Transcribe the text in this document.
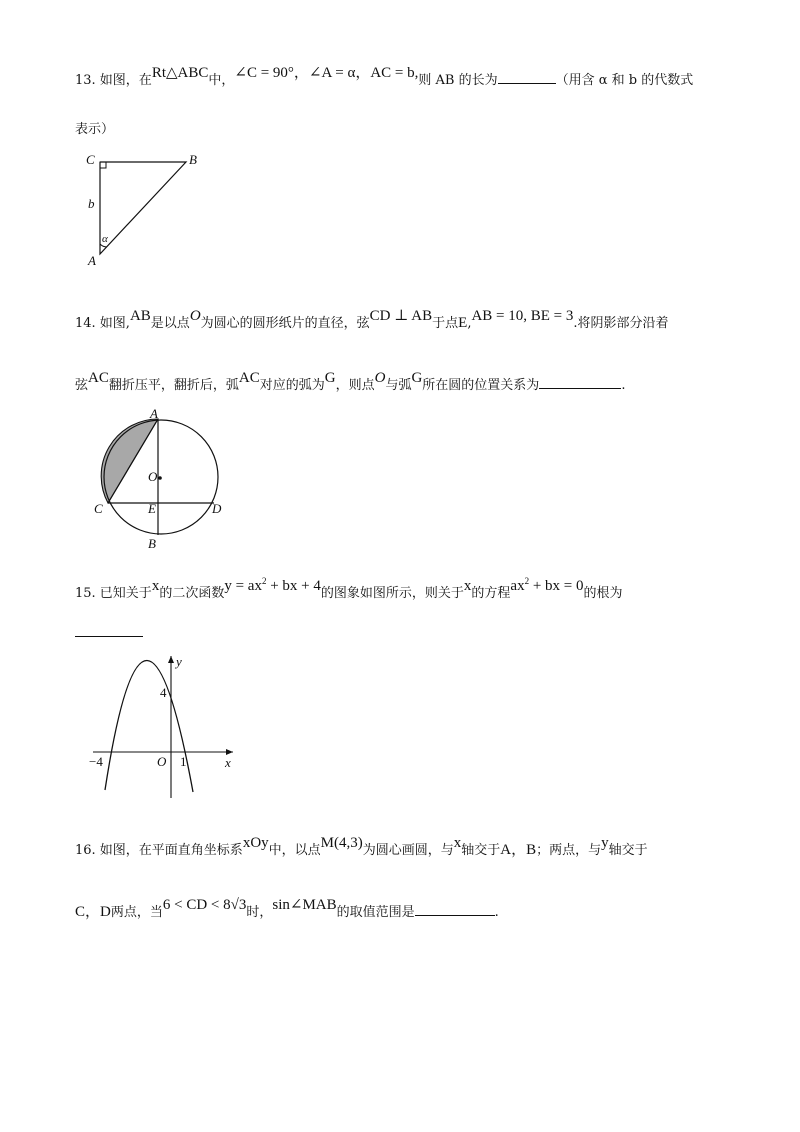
13. 如图，在Rt△ABC中，∠C = 90°，∠A = α，AC = b,则 AB 的长为	（用含 α 和 b 的代数式
表示）
C	B
A
b
α
14. 如图,AB是以点O为圆心的圆形纸片的直径，弦CD ⊥ AB于点E,AB = 10, BE = 3.将阴影部分沿着
弦AC翻折压平，翻折后，弧AC对应的弧为G，则点O与弧G所在圆的位置关系为	.
A
O
C	E	D
B
15. 已知关于x的二次函数$y = ax^2$ + bx + 4的图象如图所示，则关于x的方程$ax^2$ + bx = 0的根为
y
x
4
−4	O 1
16. 如图，在平面直角坐标系xOy中，以点M(4,3)为圆心画圆，与x轴交于A，B；两点，与y轴交于
C，D两点，当6 < CD < 8√3时，sin∠MAB的取值范围是	.
